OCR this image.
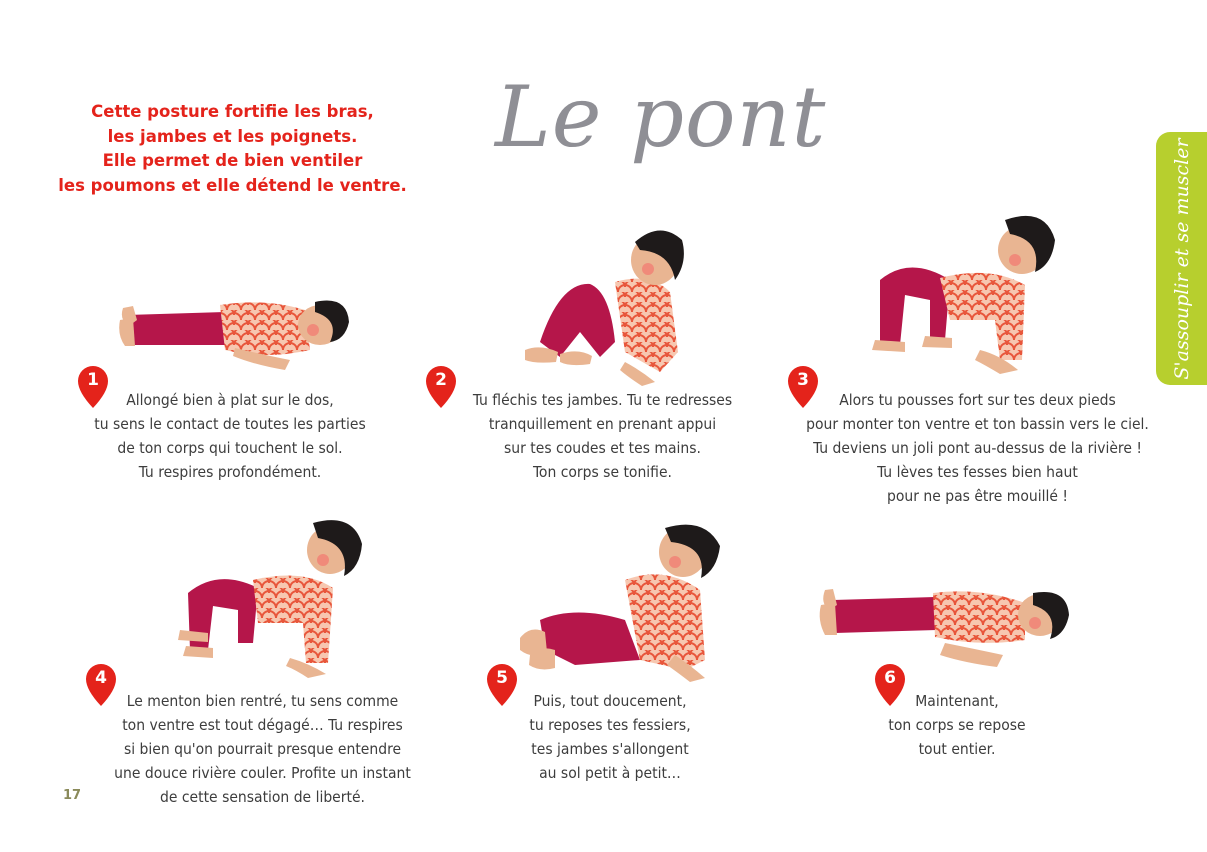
Cette posture fortifie les bras,
les jambes et les poignets.
Elle permet de bien ventiler
les poumons et elle détend le ventre.
Le pont
S'assouplir et se muscler
1
Allongé bien à plat sur le dos,
tu sens le contact de toutes les parties
de ton corps qui touchent le sol.
Tu respires profondément.
2
Tu fléchis tes jambes. Tu te redresses
tranquillement en prenant appui
sur tes coudes et tes mains.
Ton corps se tonifie.
3
Alors tu pousses fort sur tes deux pieds
pour monter ton ventre et ton bassin vers le ciel.
Tu deviens un joli pont au-dessus de la rivière !
Tu lèves tes fesses bien haut
pour ne pas être mouillé !
4
Le menton bien rentré, tu sens comme
ton ventre est tout dégagé… Tu respires
si bien qu'on pourrait presque entendre
une douce rivière couler. Profite un instant
de cette sensation de liberté.
5
Puis, tout doucement,
tu reposes tes fessiers,
tes jambes s'allongent
au sol petit à petit…
6
Maintenant,
ton corps se repose
tout entier.
17
